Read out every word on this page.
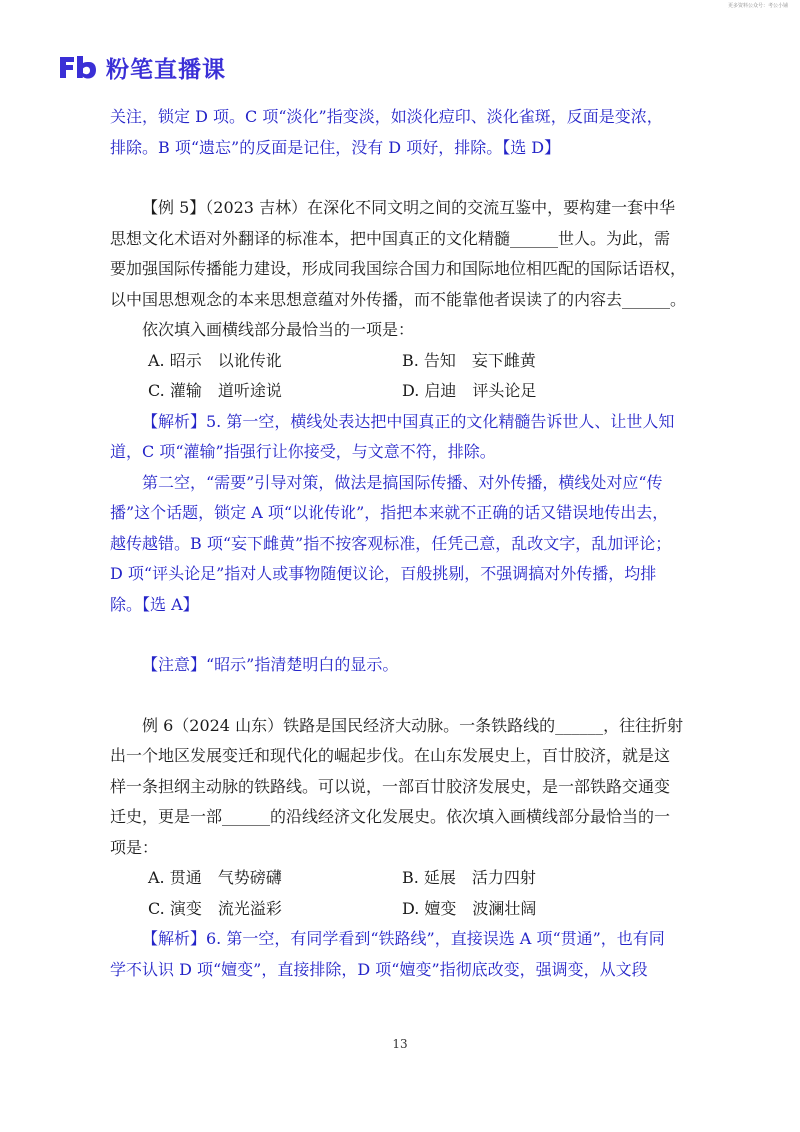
更多资料公众号：考公小铺
粉笔直播课
关注，锁定 D 项。C 项“淡化”指变淡，如淡化痘印、淡化雀斑，反面是变浓，
排除。B 项“遗忘”的反面是记住，没有 D 项好，排除。【选 D】
【例 5】（2023 吉林）在深化不同文明之间的交流互鉴中，要构建一套中华
思想文化术语对外翻译的标准本，把中国真正的文化精髓______世人。为此，需
要加强国际传播能力建设，形成同我国综合国力和国际地位相匹配的国际话语权，
以中国思想观念的本来思想意蕴对外传播，而不能靠他者误读了的内容去______。
依次填入画横线部分最恰当的一项是：
A. 昭示　以讹传讹	B. 告知　妄下雌黄
C. 灌输　道听途说	D. 启迪　评头论足
【解析】5. 第一空，横线处表达把中国真正的文化精髓告诉世人、让世人知
道，C 项“灌输”指强行让你接受，与文意不符，排除。
第二空，“需要”引导对策，做法是搞国际传播、对外传播，横线处对应“传
播”这个话题，锁定 A 项“以讹传讹”，指把本来就不正确的话又错误地传出去，
越传越错。B 项“妄下雌黄”指不按客观标准，任凭己意，乱改文字，乱加评论；
D 项“评头论足”指对人或事物随便议论，百般挑剔，不强调搞对外传播，均排
除。【选 A】
【注意】“昭示”指清楚明白的显示。
例 6（2024 山东）铁路是国民经济大动脉。一条铁路线的______，往往折射
出一个地区发展变迁和现代化的崛起步伐。在山东发展史上，百廿胶济，就是这
样一条担纲主动脉的铁路线。可以说，一部百廿胶济发展史，是一部铁路交通变
迁史，更是一部______的沿线经济文化发展史。依次填入画横线部分最恰当的一
项是：
A. 贯通　气势磅礴	B. 延展　活力四射
C. 演变　流光溢彩	D. 嬗变　波澜壮阔
【解析】6. 第一空，有同学看到“铁路线”，直接误选 A 项“贯通”，也有同
学不认识 D 项“嬗变”，直接排除，D 项“嬗变”指彻底改变，强调变，从文段
13
